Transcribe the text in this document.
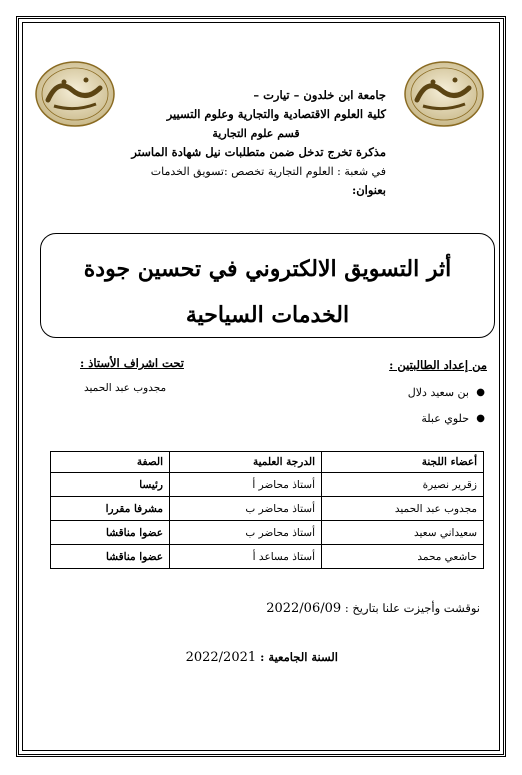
جامعة ابن خلدون – تيارت –
كلية العلوم الاقتصادية والتجارية وعلوم التسيير
قسم علوم التجارية
مذكرة تخرج تدخل ضمن متطلبات نيل شهادة الماستر
في شعبة : العلوم التجارية تخصص :تسويق الخدمات
بعنوان:
أثر التسويق الالكتروني في تحسين جودة الخدمات السياحية
من إعداد الطالبتين :
●
بن سعيد دلال
●
حلوي عبلة
تحت اشراف الأستاذ :
مجدوب عبد الحميد
أعضاء اللجنة	الدرجة العلمية	الصفة
زقرير نصيرة	أستاذ محاضر أ	رئيسا
مجدوب عبد الحميد	أستاذ محاضر ب	مشرفا مقررا
سعيداني سعيد	أستاذ محاضر ب	عضوا مناقشا
حاشعي محمد	أستاذ مساعد أ	عضوا مناقشا
نوقشت وأجيزت علنا بتاريخ : 2022/06/09
السنة الجامعية : 2022/2021
